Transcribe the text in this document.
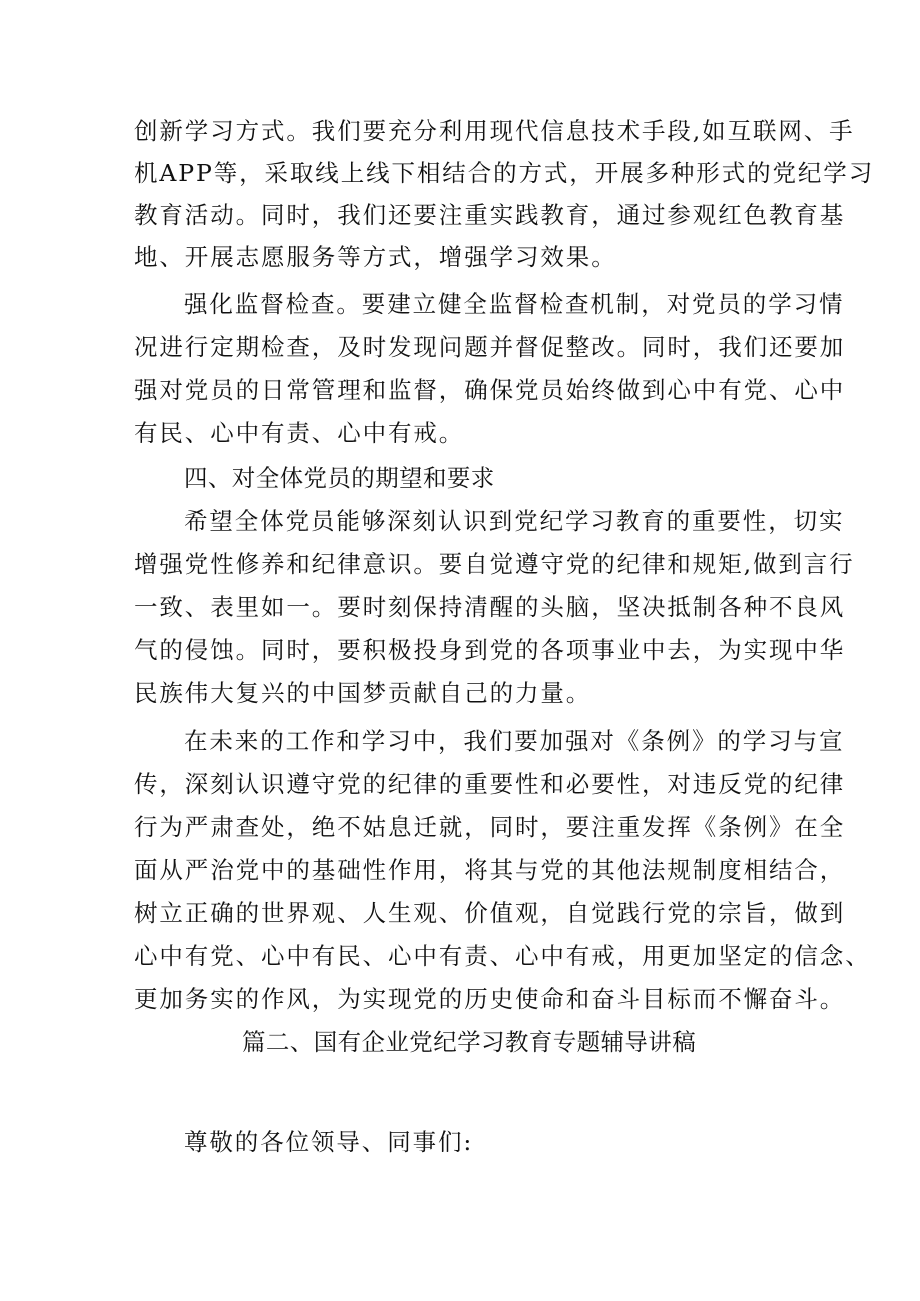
创新学习方式。我们要充分利用现代信息技术手段,如互联网、手
机APP等，采取线上线下相结合的方式，开展多种形式的党纪学习
教育活动。同时，我们还要注重实践教育，通过参观红色教育基
地、开展志愿服务等方式，增强学习效果。
强化监督检查。要建立健全监督检查机制，对党员的学习情
况进行定期检查，及时发现问题并督促整改。同时，我们还要加
强对党员的日常管理和监督，确保党员始终做到心中有党、心中
有民、心中有责、心中有戒。
四、对全体党员的期望和要求
希望全体党员能够深刻认识到党纪学习教育的重要性，切实
增强党性修养和纪律意识。要自觉遵守党的纪律和规矩,做到言行
一致、表里如一。要时刻保持清醒的头脑，坚决抵制各种不良风
气的侵蚀。同时，要积极投身到党的各项事业中去，为实现中华
民族伟大复兴的中国梦贡献自己的力量。
在未来的工作和学习中，我们要加强对《条例》的学习与宣
传，深刻认识遵守党的纪律的重要性和必要性，对违反党的纪律
行为严肃查处，绝不姑息迁就，同时，要注重发挥《条例》在全
面从严治党中的基础性作用，将其与党的其他法规制度相结合，
树立正确的世界观、人生观、价值观，自觉践行党的宗旨，做到
心中有党、心中有民、心中有责、心中有戒，用更加坚定的信念、
更加务实的作风，为实现党的历史使命和奋斗目标而不懈奋斗。
篇二、国有企业党纪学习教育专题辅导讲稿
尊敬的各位领导、同事们:
